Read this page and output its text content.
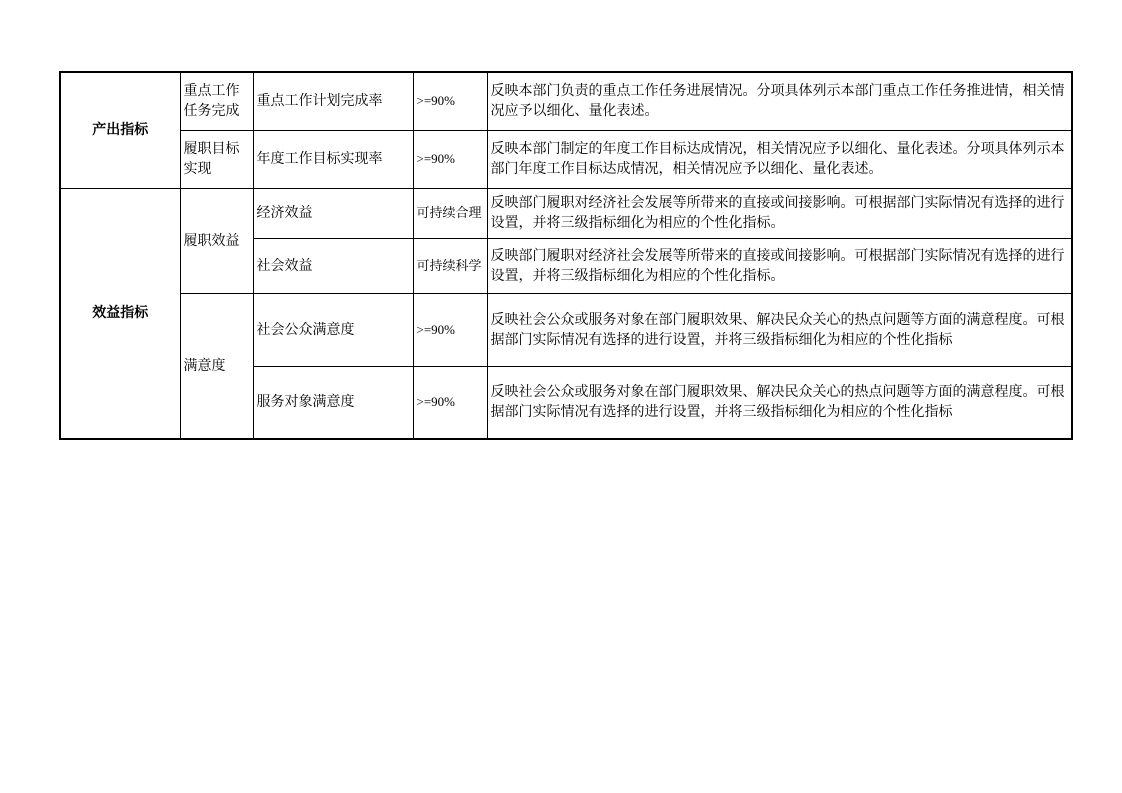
产出指标	重点工作任务完成	重点工作计划完成率	>=90%	反映本部门负责的重点工作任务进展情况。分项具体列示本部门重点工作任务推进情，相关情况应予以细化、量化表述。
	履职目标实现	年度工作目标实现率	>=90%	反映本部门制定的年度工作目标达成情况，相关情况应予以细化、量化表述。分项具体列示本部门年度工作目标达成情况，相关情况应予以细化、量化表述。
效益指标	履职效益	经济效益	可持续合理	反映部门履职对经济社会发展等所带来的直接或间接影响。可根据部门实际情况有选择的进行设置，并将三级指标细化为相应的个性化指标。
		社会效益	可持续科学	反映部门履职对经济社会发展等所带来的直接或间接影响。可根据部门实际情况有选择的进行设置，并将三级指标细化为相应的个性化指标。
	满意度	社会公众满意度	>=90%	反映社会公众或服务对象在部门履职效果、解决民众关心的热点问题等方面的满意程度。可根据部门实际情况有选择的进行设置，并将三级指标细化为相应的个性化指标
		服务对象满意度	>=90%	反映社会公众或服务对象在部门履职效果、解决民众关心的热点问题等方面的满意程度。可根据部门实际情况有选择的进行设置，并将三级指标细化为相应的个性化指标
